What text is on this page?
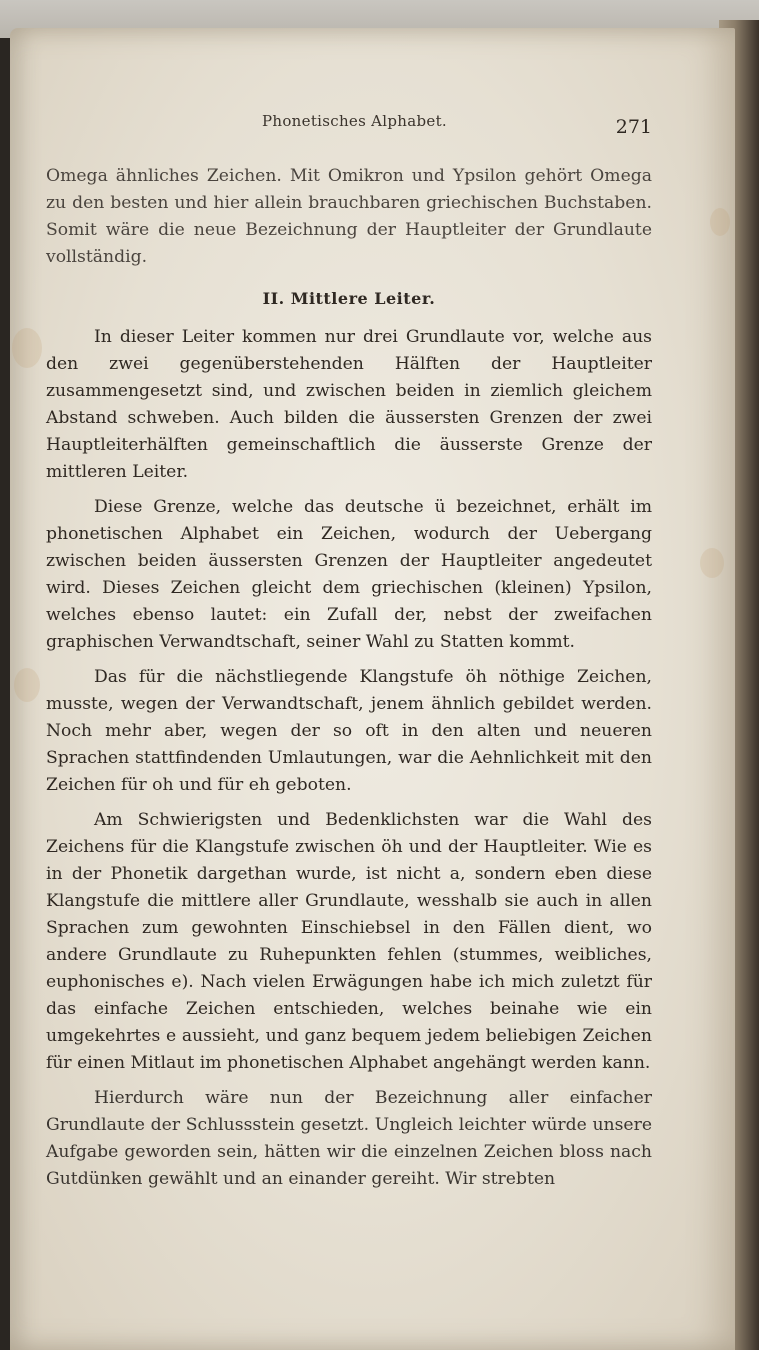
Phonetisches Alphabet.	271

Omega ähnliches Zeichen. Mit Omikron und Ypsilon gehört Omega zu den besten und hier allein brauchbaren griechischen Buchstaben. Somit wäre die neue Bezeichnung der Hauptleiter der Grundlaute vollständig.

II. Mittlere Leiter.

In dieser Leiter kommen nur drei Grundlaute vor, welche aus den zwei gegenüberstehenden Hälften der Hauptleiter zusammengesetzt sind, und zwischen beiden in ziemlich gleichem Abstand schweben. Auch bilden die äussersten Grenzen der zwei Hauptleiterhälften gemeinschaftlich die äusserste Grenze der mittleren Leiter.

Diese Grenze, welche das deutsche ü bezeichnet, erhält im phonetischen Alphabet ein Zeichen, wodurch der Uebergang zwischen beiden äussersten Grenzen der Hauptleiter angedeutet wird. Dieses Zeichen gleicht dem griechischen (kleinen) Ypsilon, welches ebenso lautet: ein Zufall der, nebst der zweifachen graphischen Verwandtschaft, seiner Wahl zu Statten kommt.

Das für die nächstliegende Klangstufe öh nöthige Zeichen, musste, wegen der Verwandtschaft, jenem ähnlich gebildet werden. Noch mehr aber, wegen der so oft in den alten und neueren Sprachen stattfindenden Umlautungen, war die Aehnlichkeit mit den Zeichen für oh und für eh geboten.

Am Schwierigsten und Bedenklichsten war die Wahl des Zeichens für die Klangstufe zwischen öh und der Hauptleiter. Wie es in der Phonetik dargethan wurde, ist nicht a, sondern eben diese Klangstufe die mittlere aller Grundlaute, wesshalb sie auch in allen Sprachen zum gewohnten Einschiebsel in den Fällen dient, wo andere Grundlaute zu Ruhepunkten fehlen (stummes, weibliches, euphonisches e). Nach vielen Erwägungen habe ich mich zuletzt für das einfache Zeichen entschieden, welches beinahe wie ein umgekehrtes e aussieht, und ganz bequem jedem beliebigen Zeichen für einen Mitlaut im phonetischen Alphabet angehängt werden kann.

Hierdurch wäre nun der Bezeichnung aller einfacher Grundlaute der Schlussstein gesetzt. Ungleich leichter würde unsere Aufgabe geworden sein, hätten wir die einzelnen Zeichen bloss nach Gutdünken gewählt und an einander gereiht. Wir strebten
